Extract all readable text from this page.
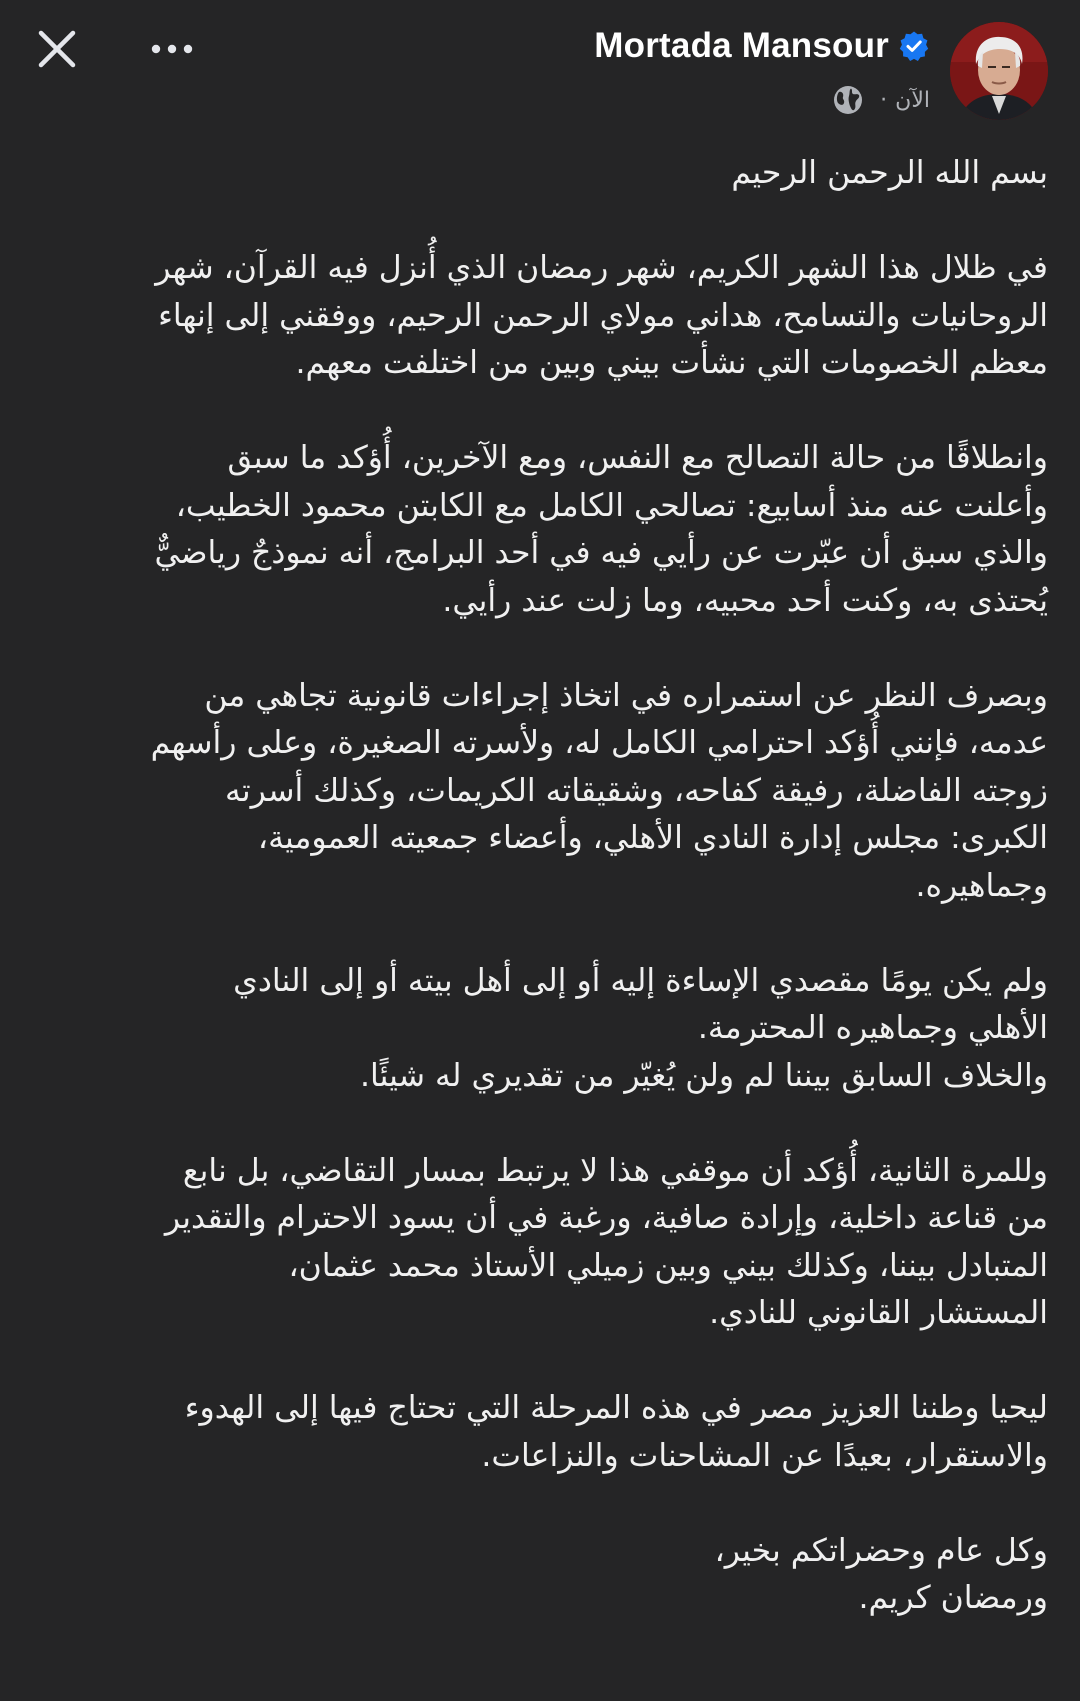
Mortada Mansour
· الآن
بسم الله الرحمن الرحيم
في ظلال هذا الشهر الكريم، شهر رمضان الذي أُنزل فيه القرآن، شهر
الروحانيات والتسامح، هداني مولاي الرحمن الرحيم، ووفقني إلى إنهاء
معظم الخصومات التي نشأت بيني وبين من اختلفت معهم.
وانطلاقًا من حالة التصالح مع النفس، ومع الآخرين، أُؤكد ما سبق
وأعلنت عنه منذ أسابيع: تصالحي الكامل مع الكابتن محمود الخطيب،
والذي سبق أن عبّرت عن رأيي فيه في أحد البرامج، أنه نموذجٌ رياضيٌّ
يُحتذى به، وكنت أحد محبيه، وما زلت عند رأيي.
وبصرف النظر عن استمراره في اتخاذ إجراءات قانونية تجاهي من
عدمه، فإنني أُؤكد احترامي الكامل له، ولأسرته الصغيرة، وعلى رأسهم
زوجته الفاضلة، رفيقة كفاحه، وشقيقاته الكريمات، وكذلك أسرته
الكبرى: مجلس إدارة النادي الأهلي، وأعضاء جمعيته العمومية،
وجماهيره.
ولم يكن يومًا مقصدي الإساءة إليه أو إلى أهل بيته أو إلى النادي
الأهلي وجماهيره المحترمة.
والخلاف السابق بيننا لم ولن يُغيّر من تقديري له شيئًا.
وللمرة الثانية، أُؤكد أن موقفي هذا لا يرتبط بمسار التقاضي، بل نابع
من قناعة داخلية، وإرادة صافية، ورغبة في أن يسود الاحترام والتقدير
المتبادل بيننا، وكذلك بيني وبين زميلي الأستاذ محمد عثمان،
المستشار القانوني للنادي.
ليحيا وطننا العزيز مصر في هذه المرحلة التي تحتاج فيها إلى الهدوء
والاستقرار، بعيدًا عن المشاحنات والنزاعات.
وكل عام وحضراتكم بخير،
ورمضان كريم.
